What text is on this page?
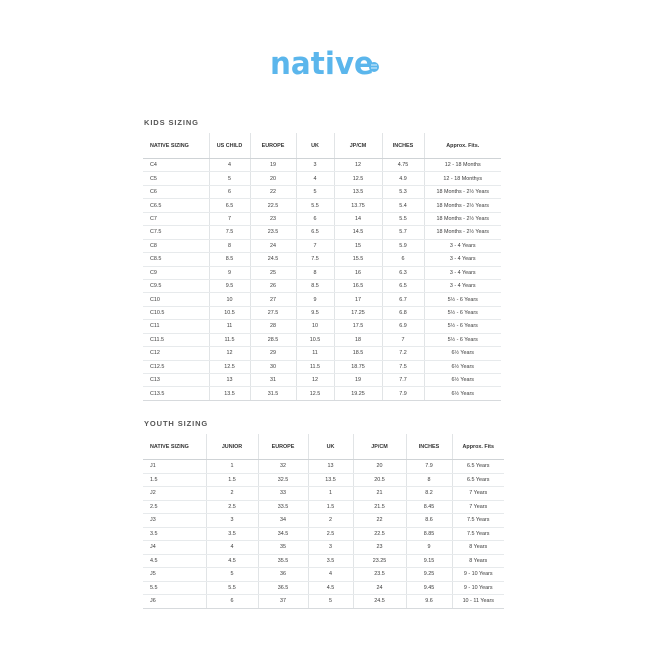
native
KIDS SIZING
NATIVE SIZING	US CHILD	EUROPE	UK	JP/CM	INCHES	Approx. Fits.
C4	4	19	3	12	4.75	12 - 18 Months
C5	5	20	4	12.5	4.9	12 - 18 Monthys
C6	6	22	5	13.5	5.3	18 Months - 2½ Years
C6.5	6.5	22.5	5.5	13.75	5.4	18 Months - 2½ Years
C7	7	23	6	14	5.5	18 Months - 2½ Years
C7.5	7.5	23.5	6.5	14.5	5.7	18 Months - 2½ Years
C8	8	24	7	15	5.9	3 - 4 Years
C8.5	8.5	24.5	7.5	15.5	6	3 - 4 Years
C9	9	25	8	16	6.3	3 - 4 Years
C9.5	9.5	26	8.5	16.5	6.5	3 - 4 Years
C10	10	27	9	17	6.7	5½ - 6 Years
C10.5	10.5	27.5	9.5	17.25	6.8	5½ - 6 Years
C11	11	28	10	17.5	6.9	5½ - 6 Years
C11.5	11.5	28.5	10.5	18	7	5½ - 6 Years
C12	12	29	11	18.5	7.2	6½ Years
C12.5	12.5	30	11.5	18.75	7.5	6½ Years
C13	13	31	12	19	7.7	6½ Years
C13.5	13.5	31.5	12.5	19.25	7.9	6½ Years
YOUTH SIZING
NATIVE SIZING	JUNIOR	EUROPE	UK	JP/CM	INCHES	Approx. Fits
J1	1	32	13	20	7.9	6.5 Years
1.5	1.5	32.5	13.5	20.5	8	6.5 Years
J2	2	33	1	21	8.2	7 Years
2.5	2.5	33.5	1.5	21.5	8.45	7 Years
J3	3	34	2	22	8.6	7.5 Years
3.5	3.5	34.5	2.5	22.5	8.85	7.5 Years
J4	4	35	3	23	9	8 Years
4.5	4.5	35.5	3.5	23.25	9.15	8 Years
J5	5	36	4	23.5	9.25	9 - 10 Years
5.5	5.5	36.5	4.5	24	9.45	9 - 10 Years
J6	6	37	5	24.5	9.6	10 - 11 Years
